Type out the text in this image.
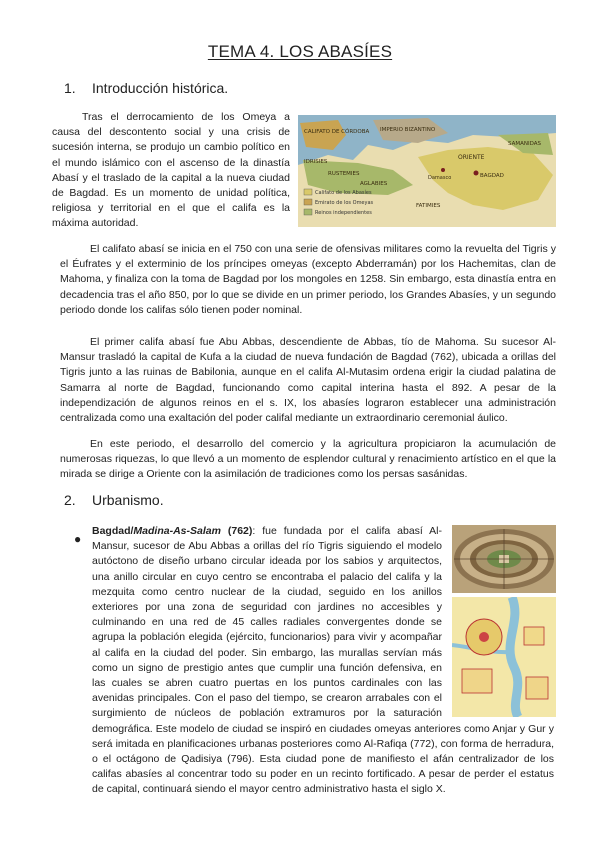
TEMA 4. LOS ABASÍES
1. Introducción histórica.

Tras el derrocamiento de los Omeya a causa del descontento social y una crisis de sucesión interna, se produjo un cambio político en el mundo islámico con el ascenso de la dinastía Abasí y el traslado de la capital a la nueva ciudad de Bagdad. Es un momento de unidad política, religiosa y territorial en el que el califa es la máxima autoridad.

CALIFATO DE CÓRDOBA
IDRISIES
RUSTEMIES
AGLABIES
IMPERIO BIZANTINO
ORIENTE
BAGDAD
FATIMIES
SAMANIDAS
Damasco
Califato de los Abasíes
Emirato de los Omeyas
Reinos independientes

El califato abasí se inicia en el 750 con una serie de ofensivas militares como la revuelta del Tigris y el Éufrates y el exterminio de los príncipes omeyas (excepto Abderramán) por los Hachemitas, clan de Mahoma, y finaliza con la toma de Bagdad por los mongoles en 1258. Sin embargo, esta dinastía entra en decadencia tras el año 850, por lo que se divide en un primer periodo, los Grandes Abasíes, y un segundo periodo donde los califas sólo tienen poder nominal.

El primer califa abasí fue Abu Abbas, descendiente de Abbas, tío de Mahoma. Su sucesor Al-Mansur trasladó la capital de Kufa a la ciudad de nueva fundación de Bagdad (762), ubicada a orillas del Tigris junto a las ruinas de Babilonia, aunque en el califa Al-Mutasim ordena erigir la ciudad palatina de Samarra al norte de Bagdad, funcionando como capital interina hasta el 892. A pesar de la independización de algunos reinos en el s. IX, los abasíes lograron establecer una administración centralizada como una exaltación del poder califal mediante un extraordinario ceremonial áulico.

En este periodo, el desarrollo del comercio y la agricultura propiciaron la acumulación de numerosas riquezas, lo que llevó a un momento de esplendor cultural y renacimiento artístico en el que la mirada se dirige a Oriente con la asimilación de tradiciones como los persas sasánidas.

2. Urbanismo.
●
Bagdad/Madina-As-Salam (762): fue fundada por el califa abasí Al-Mansur, sucesor de Abu Abbas a orillas del río Tigris siguiendo el modelo autóctono de diseño urbano circular ideada por los sabios y arquitectos, una anillo circular en cuyo centro se encontraba el palacio del califa y la mezquita como centro nuclear de la ciudad, seguido en los anillos exteriores por una zona de seguridad con jardines no accesibles y culminando en una red de 45 calles radiales convergentes donde se agrupa la población elegida (ejército, funcionarios) para vivir y acompañar al califa en la ciudad del poder. Sin embargo, las murallas servían más como un signo de prestigio antes que cumplir una función defensiva, en las cuales se abren cuatro puertas en los puntos cardinales con las avenidas principales. Con el paso del tiempo, se crearon arrabales con el surgimiento de núcleos de población extramuros por la saturación demográfica. Este modelo de ciudad se inspiró en ciudades omeyas anteriores como Anjar y Gur y será imitada en planificaciones urbanas posteriores como Al-Rafiqa (772), con forma de herradura, o el octágono de Qadisiya (796). Esta ciudad pone de manifiesto el afán centralizador de los califas abasíes al concentrar todo su poder en un recinto fortificado. A pesar de perder el estatus de capital, continuará siendo el mayor centro administrativo hasta el siglo X.
